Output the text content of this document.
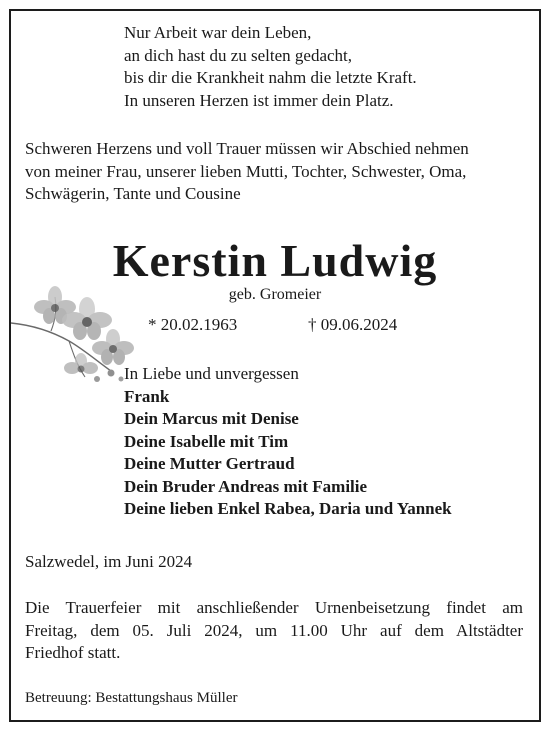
Nur Arbeit war dein Leben,
an dich hast du zu selten gedacht,
bis dir die Krankheit nahm die letzte Kraft.
In unseren Herzen ist immer dein Platz.
Schweren Herzens und voll Trauer müssen wir Abschied nehmen
von meiner Frau, unserer lieben Mutti, Tochter, Schwester, Oma,
Schwägerin, Tante und Cousine
Kerstin Ludwig
geb. Gromeier
* 20.02.1963	† 09.06.2024
In Liebe und unvergessen
Frank
Dein Marcus mit Denise
Deine Isabelle mit Tim
Deine Mutter Gertraud
Dein Bruder Andreas mit Familie
Deine lieben Enkel Rabea, Daria und Yannek
Salzwedel, im Juni 2024
Die Trauerfeier mit anschließender Urnenbeisetzung findet am
Freitag, dem 05. Juli 2024, um 11.00 Uhr auf dem Altstädter
Friedhof statt.
Betreuung: Bestattungshaus Müller
